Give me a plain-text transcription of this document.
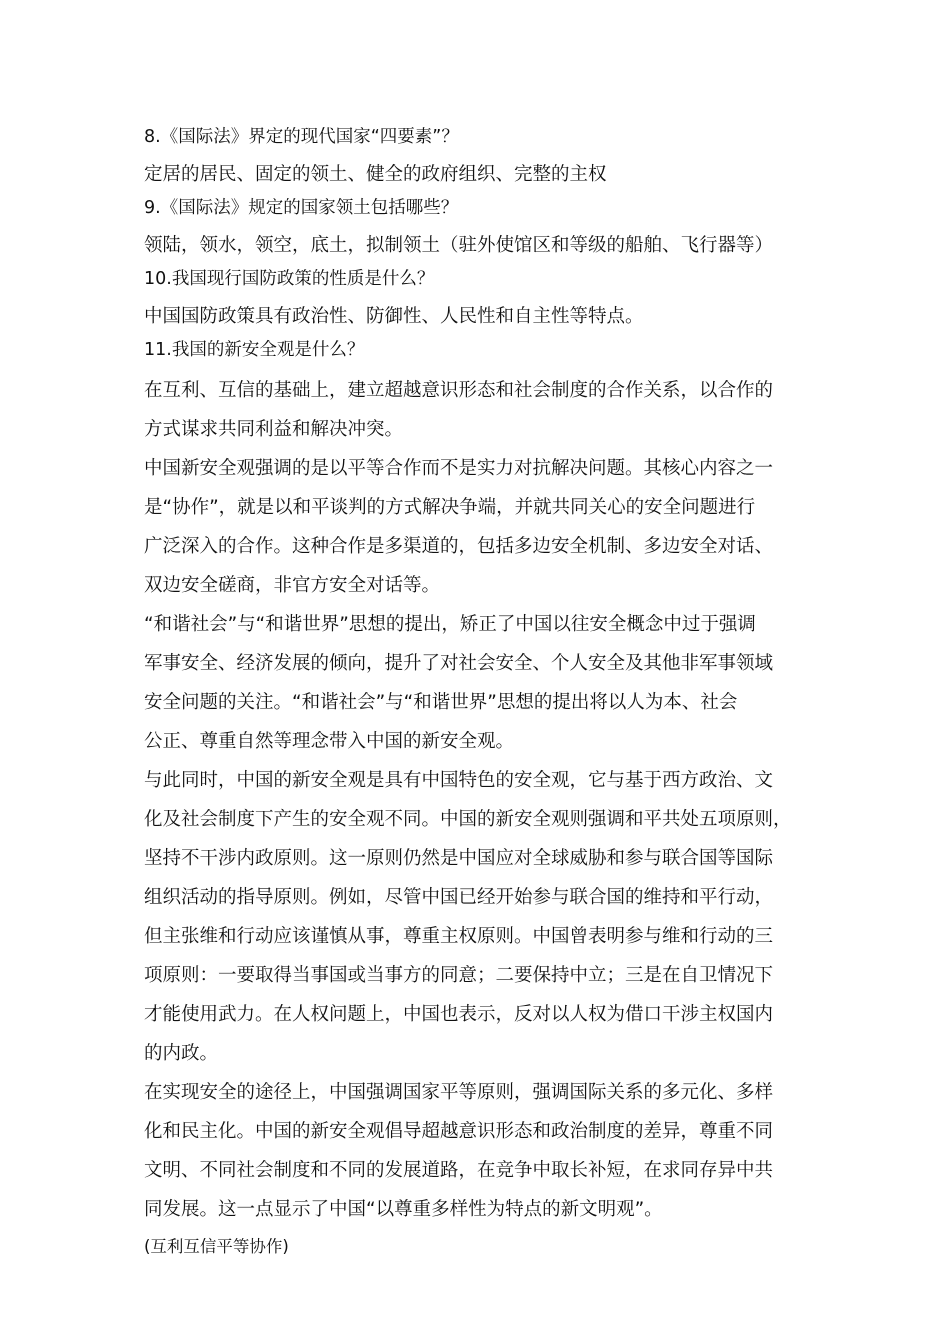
8.《国际法》界定的现代国家“四要素”？
定居的居民、固定的领土、健全的政府组织、完整的主权
9.《国际法》规定的国家领土包括哪些？
领陆，领水，领空，底土，拟制领土（驻外使馆区和等级的船舶、飞行器等）
10.我国现行国防政策的性质是什么？
中国国防政策具有政治性、防御性、人民性和自主性等特点。
11.我国的新安全观是什么？
在互利、互信的基础上，建立超越意识形态和社会制度的合作关系，以合作的
方式谋求共同利益和解决冲突。
中国新安全观强调的是以平等合作而不是实力对抗解决问题。其核心内容之一
是“协作”，就是以和平谈判的方式解决争端，并就共同关心的安全问题进行
广泛深入的合作。这种合作是多渠道的，包括多边安全机制、多边安全对话、
双边安全磋商，非官方安全对话等。
“和谐社会”与“和谐世界”思想的提出，矫正了中国以往安全概念中过于强调
军事安全、经济发展的倾向，提升了对社会安全、个人安全及其他非军事领域
安全问题的关注。“和谐社会”与“和谐世界”思想的提出将以人为本、社会
公正、尊重自然等理念带入中国的新安全观。
与此同时，中国的新安全观是具有中国特色的安全观，它与基于西方政治、文
化及社会制度下产生的安全观不同。中国的新安全观则强调和平共处五项原则，
坚持不干涉内政原则。这一原则仍然是中国应对全球威胁和参与联合国等国际
组织活动的指导原则。例如，尽管中国已经开始参与联合国的维持和平行动，
但主张维和行动应该谨慎从事，尊重主权原则。中国曾表明参与维和行动的三
项原则：一要取得当事国或当事方的同意；二要保持中立；三是在自卫情况下
才能使用武力。在人权问题上，中国也表示，反对以人权为借口干涉主权国内
的内政。
在实现安全的途径上，中国强调国家平等原则，强调国际关系的多元化、多样
化和民主化。中国的新安全观倡导超越意识形态和政治制度的差异，尊重不同
文明、不同社会制度和不同的发展道路，在竞争中取长补短，在求同存异中共
同发展。这一点显示了中国“以尊重多样性为特点的新文明观”。
(互利互信平等协作)
